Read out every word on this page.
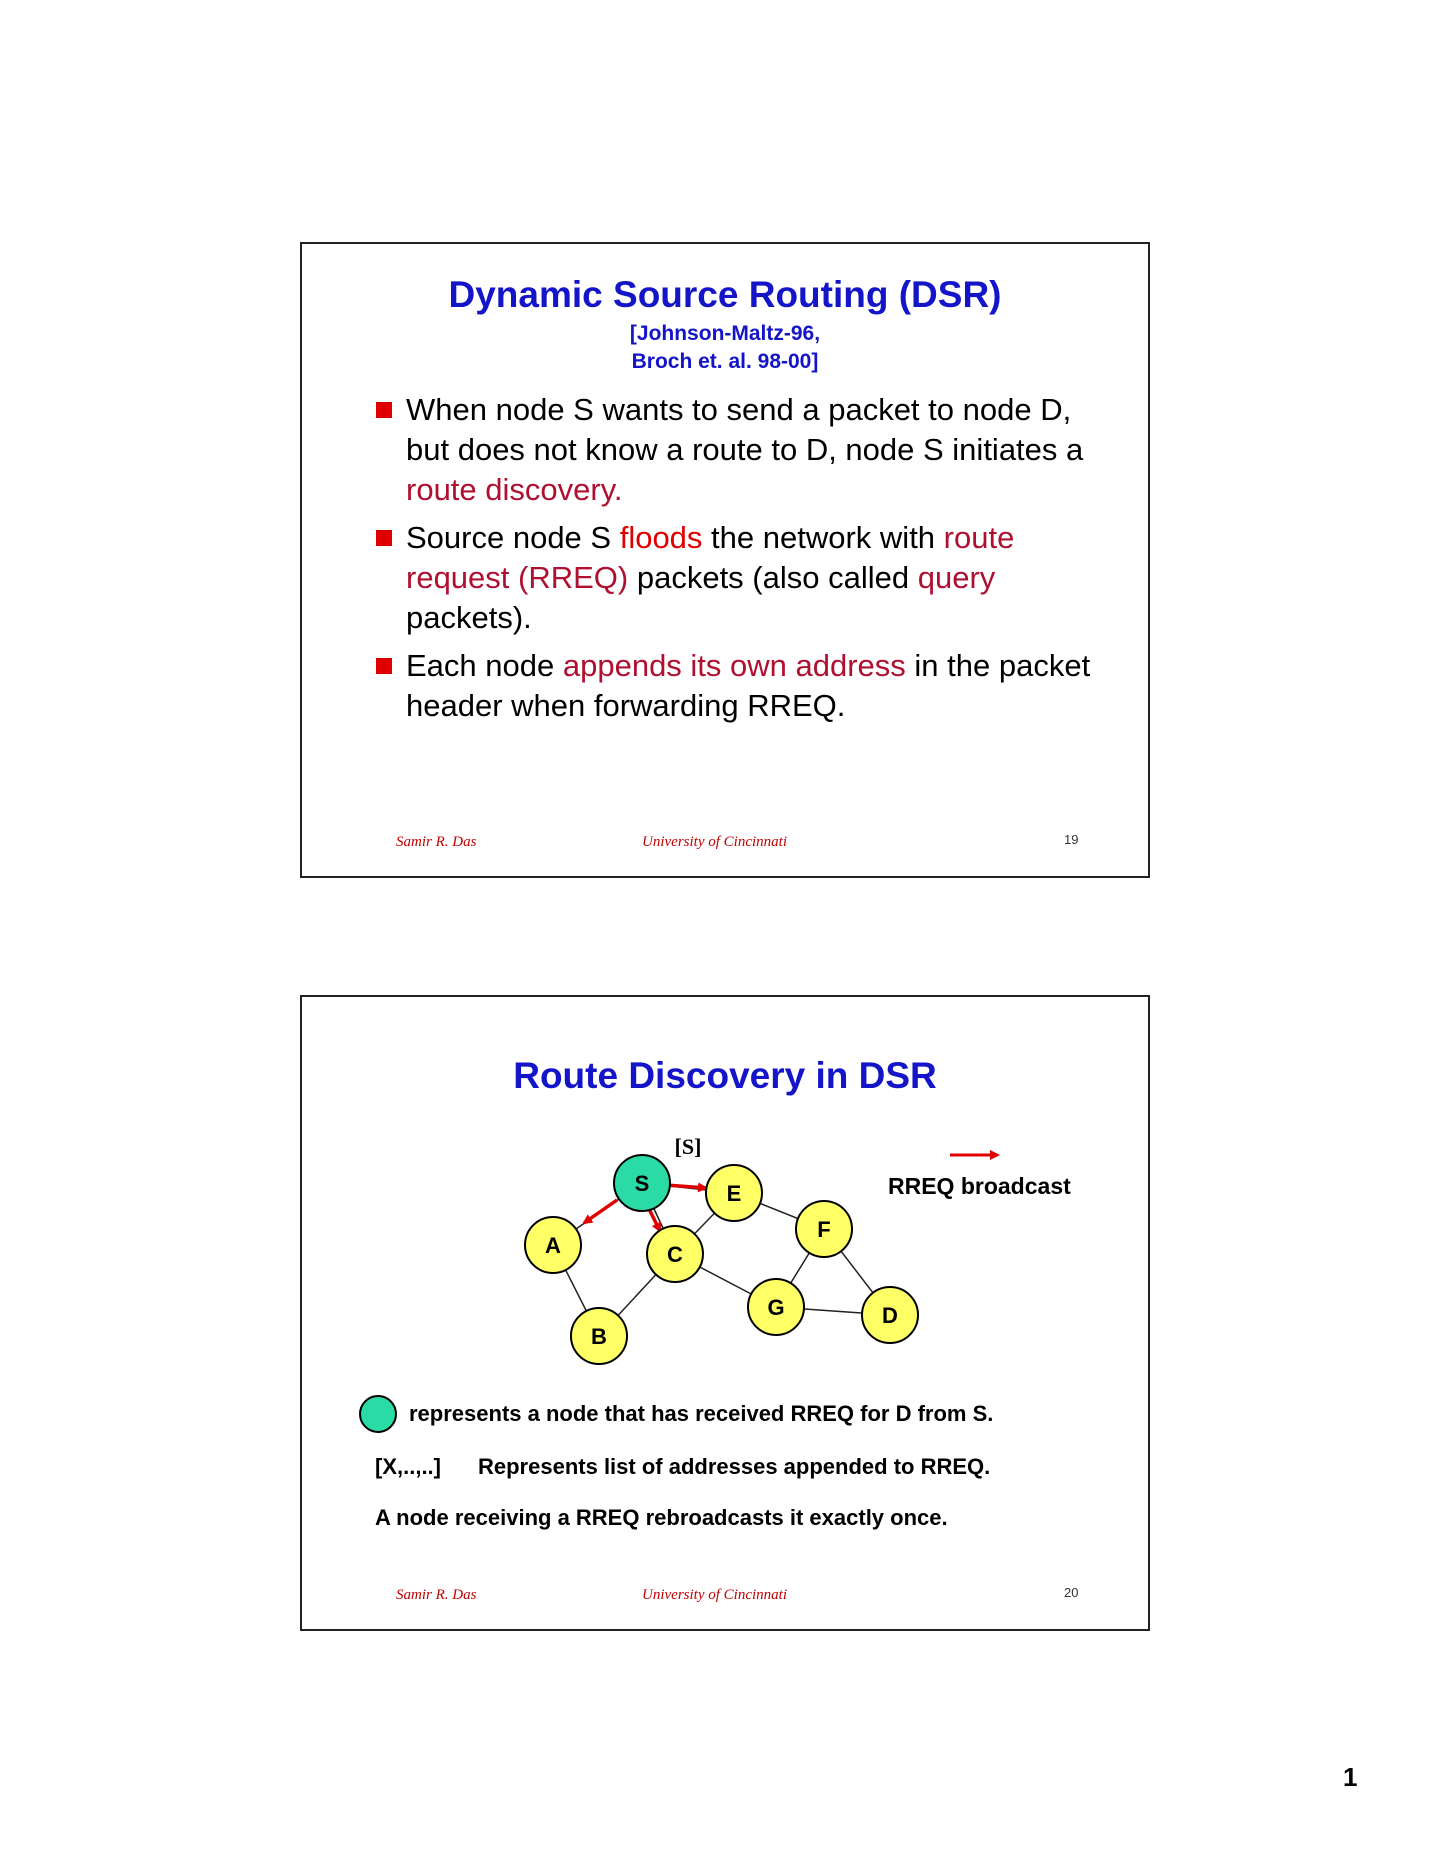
Dynamic Source Routing (DSR)
[Johnson-Maltz-96,
Broch et. al. 98-00]
When node S wants to send a packet to node D, but does not know a route to D, node S initiates a route discovery.
Source node S floods the network with route request (RREQ) packets (also called query packets).
Each node appends its own address in the packet header when forwarding RREQ.
Samir R. Das	University of Cincinnati	19
Route Discovery in DSR
S	E
A	C
F
G
B
D
[S]
RREQ broadcast
represents a node that has received RREQ for D from S.
[X,..,..] Represents list of addresses appended to RREQ.
A node receiving a RREQ rebroadcasts it exactly once.
Samir R. Das	University of Cincinnati	20
1
